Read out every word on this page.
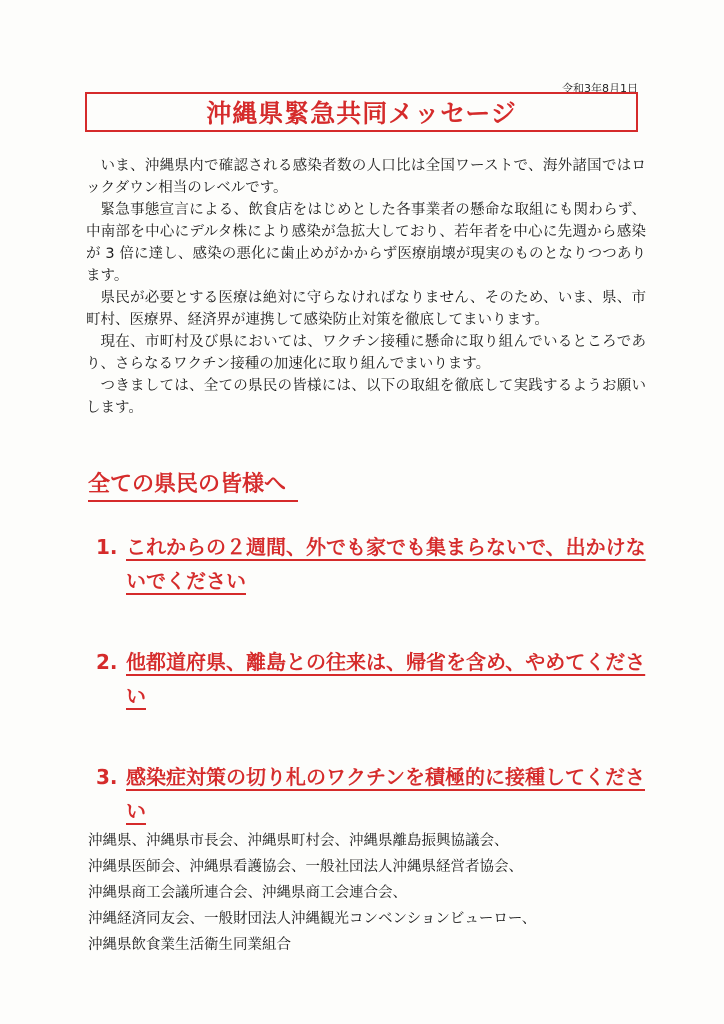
令和3年8月1日
沖縄県緊急共同メッセージ

いま、沖縄県内で確認される感染者数の人口比は全国ワーストで、海外諸国ではロックダウン相当のレベルです。

緊急事態宣言による、飲食店をはじめとした各事業者の懸命な取組にも関わらず、中南部を中心にデルタ株により感染が急拡大しており、若年者を中心に先週から感染が 3 倍に達し、感染の悪化に歯止めがかからず医療崩壊が現実のものとなりつつあります。

県民が必要とする医療は絶対に守らなければなりません、そのため、いま、県、市町村、医療界、経済界が連携して感染防止対策を徹底してまいります。

現在、市町村及び県においては、ワクチン接種に懸命に取り組んでいるところであり、さらなるワクチン接種の加速化に取り組んでまいります。

つきましては、全ての県民の皆様には、以下の取組を徹底して実践するようお願いします。

全ての県民の皆様へ
1. これからの２週間、外でも家でも集まらないで、出かけないでください
2. 他都道府県、離島との往来は、帰省を含め、やめてください
3. 感染症対策の切り札のワクチンを積極的に接種してください

沖縄県、沖縄県市長会、沖縄県町村会、沖縄県離島振興協議会、

沖縄県医師会、沖縄県看護協会、一般社団法人沖縄県経営者協会、

沖縄県商工会議所連合会、沖縄県商工会連合会、

沖縄経済同友会、一般財団法人沖縄観光コンベンションビューロー、

沖縄県飲食業生活衛生同業組合
